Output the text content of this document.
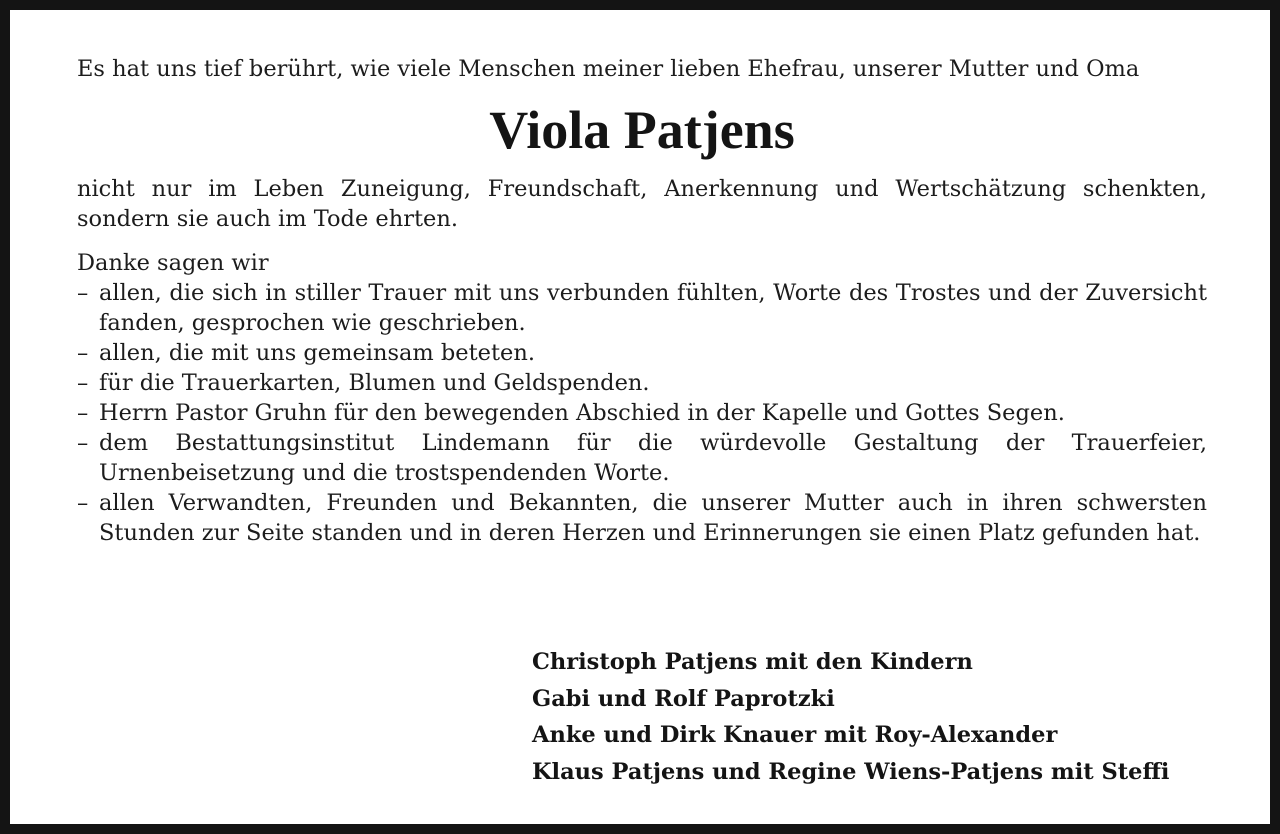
Es hat uns tief berührt, wie viele Menschen meiner lieben Ehefrau, unserer Mutter und Oma

Viola Patjens

nicht nur im Leben Zuneigung, Freundschaft, Anerkennung und Wertschätzung schenkten, sondern sie auch im Tode ehrten.

Danke sagen wir

– allen, die sich in stiller Trauer mit uns verbunden fühlten, Worte des Trostes und der Zuversicht fanden, gesprochen wie geschrieben.
– allen, die mit uns gemeinsam beteten.
– für die Trauerkarten, Blumen und Geldspenden.
– Herrn Pastor Gruhn für den bewegenden Abschied in der Kapelle und Gottes Segen.
– dem Bestattungsinstitut Lindemann für die würdevolle Gestaltung der Trauerfeier, Urnenbeisetzung und die trostspendenden Worte.
– allen Verwandten, Freunden und Bekannten, die unserer Mutter auch in ihren schwersten Stunden zur Seite standen und in deren Herzen und Erinnerungen sie einen Platz gefunden hat.
Christoph Patjens mit den Kindern
Gabi und Rolf Paprotzki
Anke und Dirk Knauer mit Roy-Alexander
Klaus Patjens und Regine Wiens-Patjens mit Steffi
